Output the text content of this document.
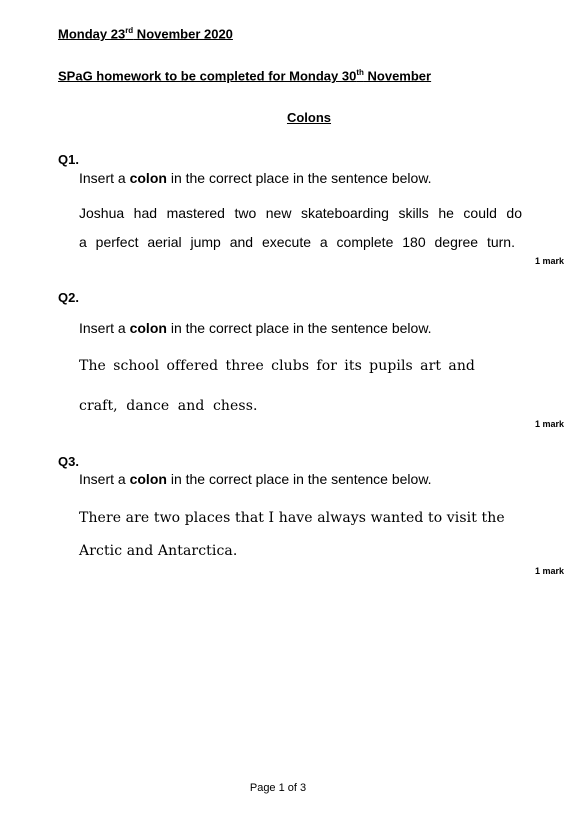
Monday 23rd November 2020
SPaG homework to be completed for Monday 30th November
Colons
Q1.
Insert a colon in the correct place in the sentence below.
Joshua had mastered two new skateboarding skills he could do
a perfect aerial jump and execute a complete 180 degree turn.
1 mark
Q2.
Insert a colon in the correct place in the sentence below.
The school offered three clubs for its pupils art and
craft, dance and chess.
1 mark
Q3.
Insert a colon in the correct place in the sentence below.
There are two places that I have always wanted to visit the
Arctic and Antarctica.
1 mark
Page 1 of 3
